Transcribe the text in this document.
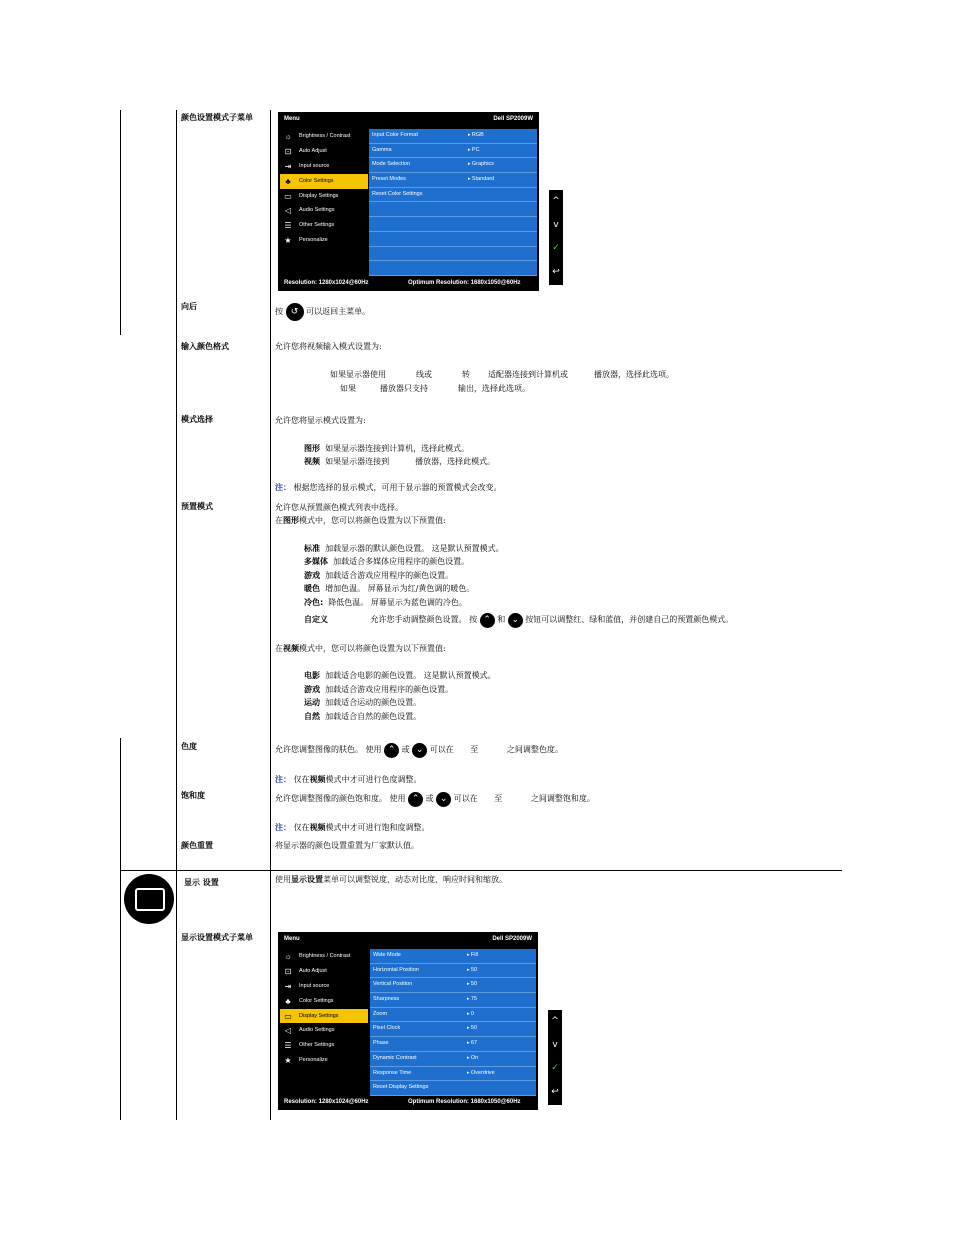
颜色设置模式子菜单
向后
输入颜色格式
模式选择
预置模式
色度
饱和度
颜色重置
显示 设置
显示设置模式子菜单
Menu	Dell SP2009W
☼ Brightness / Contrast
⊡	Auto Adjust
⇥	Input source
♣	Color Settings
▭ Display Settings
◁	Audio Settings
☰ Other Settings
★ Personalize
Input Color Format	▸ RGB
Gamma	▸ PC
Mode Selection	▸ Graphics
Preset Modes	▸ Standard
Reset Color Settings
Resolution: 1280x1024@60Hz	Optimum Resolution: 1680x1050@60Hz
^
v
✓
↩
按 ↺ 可以返回主菜单。
允许您将视频输入模式设置为:
如果显示器使用	线或	转 适配器连接到计算机或	播放器，选择此选项。
如果	播放器只支持	输出，选择此选项。
允许您将显示模式设置为:
图形 如果显示器连接到计算机，选择此模式。
视频 如果显示器连接到	播放器，选择此模式。
注： 根据您选择的显示模式，可用于显示器的预置模式会改变。
允许您从预置颜色模式列表中选择。
在图形模式中，您可以将颜色设置为以下预置值:
标准 加载显示器的默认颜色设置。 这是默认预置模式。
多媒体 加载适合多媒体应用程序的颜色设置。
游戏 加载适合游戏应用程序的颜色设置。
暖色 增加色温。 屏幕显示为红/黄色调的暖色。
冷色: 降低色温。 屏幕显示为蓝色调的冷色。
自定义	允许您手动调整颜色设置。 按 ⌃ 和 ⌄ 按钮可以调整红、绿和蓝值，并创建自己的预置颜色模式。
在视频模式中，您可以将颜色设置为以下预置值:
电影 加载适合电影的颜色设置。 这是默认预置模式。
游戏 加载适合游戏应用程序的颜色设置。
运动 加载适合运动的颜色设置。
自然 加载适合自然的颜色设置。
允许您调整图像的肤色。 使用 ⌃ 或 ⌄ 可以在 至	之间调整色度。
注： 仅在视频模式中才可进行色度调整。
允许您调整图像的颜色饱和度。 使用 ⌃ 或 ⌄ 可以在 至	之间调整饱和度。
注： 仅在视频模式中才可进行饱和度调整。
将显示器的颜色设置重置为厂家默认值。
使用显示设置菜单可以调整锐度、动态对比度、响应时间和缩放。
Menu	Dell SP2009W
☼ Brightness / Contrast
⊡	Auto Adjust
⇥	Input source
♣	Color Settings
▭ Display Settings
◁	Audio Settings
☰ Other Settings
★ Personalize
Wide Mode	▸ Fill
Horizontal Position	▸ 50
Vertical Position	▸ 50
Sharpness	▸ 75
Zoom	▸ 0
Pixel Clock	▸ 50
Phase	▸ 67
Dynamic Contrast	▸ On
Response Time	▸ Overdrive
Reset Display Settings
Resolution: 1280x1024@60Hz	Optimum Resolution: 1680x1050@60Hz
^
v
✓
↩
